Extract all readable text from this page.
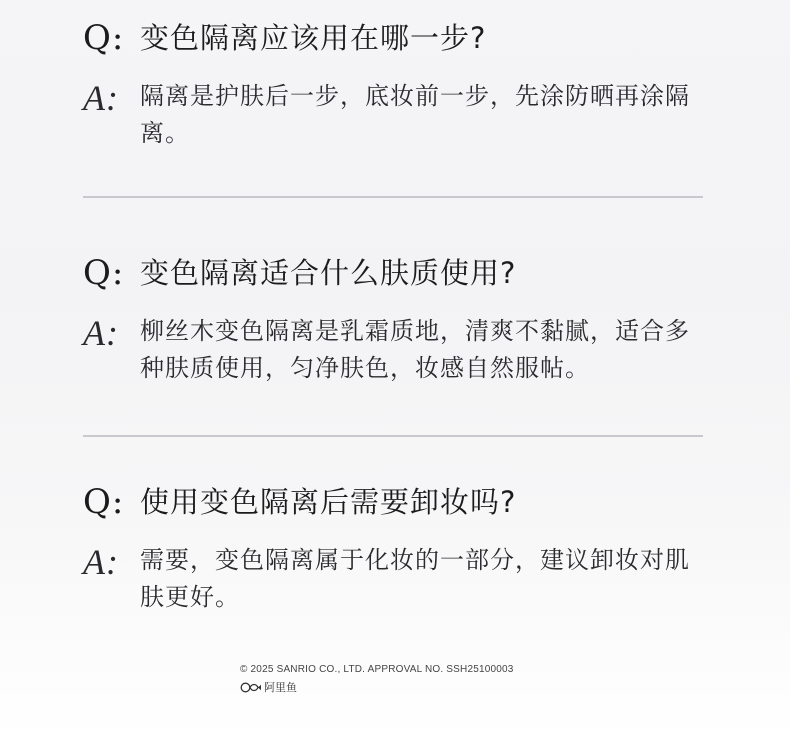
Q: 变色隔离应该用在哪一步?
A: 隔离是护肤后一步，底妆前一步，先涂防晒再涂隔离。
Q: 变色隔离适合什么肤质使用?
A: 柳丝木变色隔离是乳霜质地，清爽不黏腻，适合多种肤质使用，匀净肤色，妆感自然服帖。
Q: 使用变色隔离后需要卸妆吗?
A: 需要，变色隔离属于化妆的一部分，建议卸妆对肌肤更好。
© 2025 SANRIO CO., LTD. APPROVAL NO. SSH25100003
阿里鱼
